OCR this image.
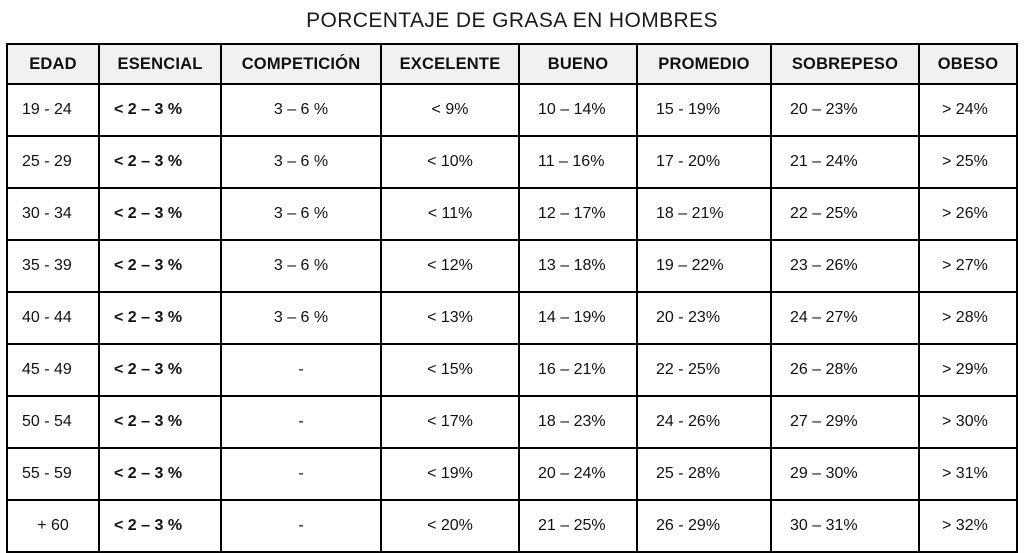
PORCENTAJE DE GRASA EN HOMBRES
EDAD	ESENCIAL	COMPETICIÓN	EXCELENTE	BUENO	PROMEDIO	SOBREPESO	OBESO
19 - 24	< 2 – 3 %	3 – 6 %	< 9%	10 – 14%	15 - 19%	20 – 23%	> 24%
25 - 29	< 2 – 3 %	3 – 6 %	< 10%	11 – 16%	17 - 20%	21 – 24%	> 25%
30 - 34	< 2 – 3 %	3 – 6 %	< 11%	12 – 17%	18 – 21%	22 – 25%	> 26%
35 - 39	< 2 – 3 %	3 – 6 %	< 12%	13 – 18%	19 – 22%	23 – 26%	> 27%
40 - 44	< 2 – 3 %	3 – 6 %	< 13%	14 – 19%	20 - 23%	24 – 27%	> 28%
45 - 49	< 2 – 3 %	-	< 15%	16 – 21%	22 - 25%	26 – 28%	> 29%
50 - 54	< 2 – 3 %	-	< 17%	18 – 23%	24 - 26%	27 – 29%	> 30%
55 - 59	< 2 – 3 %	-	< 19%	20 – 24%	25 - 28%	29 – 30%	> 31%
+ 60	< 2 – 3 %	-	< 20%	21 – 25%	26 - 29%	30 – 31%	> 32%
